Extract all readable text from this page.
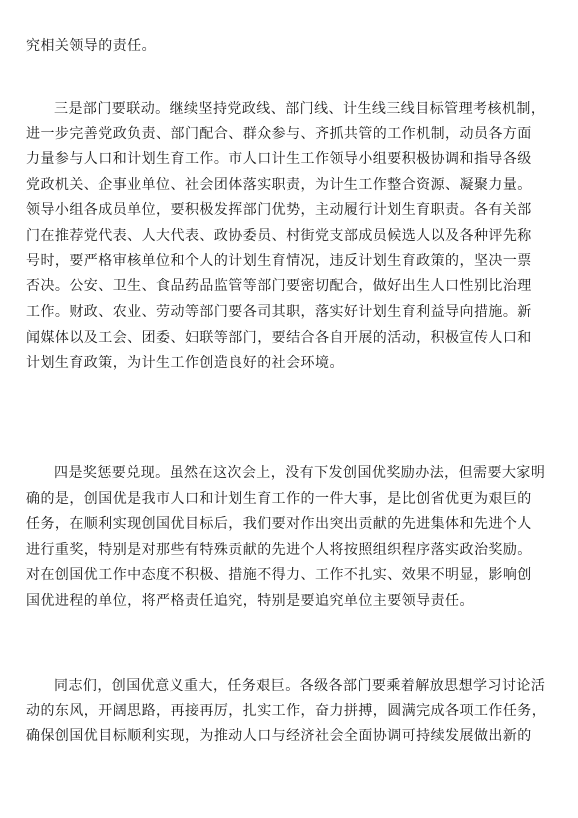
究相关领导的责任。
三是部门要联动。继续坚持党政线、部门线、计生线三线目标管理考核机制，
进一步完善党政负责、部门配合、群众参与、齐抓共管的工作机制，动员各方面
力量参与人口和计划生育工作。市人口计生工作领导小组要积极协调和指导各级
党政机关、企事业单位、社会团体落实职责，为计生工作整合资源、凝聚力量。
领导小组各成员单位，要积极发挥部门优势，主动履行计划生育职责。各有关部
门在推荐党代表、人大代表、政协委员、村街党支部成员候选人以及各种评先称
号时，要严格审核单位和个人的计划生育情况，违反计划生育政策的，坚决一票
否决。公安、卫生、食品药品监管等部门要密切配合，做好出生人口性别比治理
工作。财政、农业、劳动等部门要各司其职，落实好计划生育利益导向措施。新
闻媒体以及工会、团委、妇联等部门，要结合各自开展的活动，积极宣传人口和
计划生育政策，为计生工作创造良好的社会环境。
四是奖惩要兑现。虽然在这次会上，没有下发创国优奖励办法，但需要大家明
确的是，创国优是我市人口和计划生育工作的一件大事，是比创省优更为艰巨的
任务，在顺利实现创国优目标后，我们要对作出突出贡献的先进集体和先进个人
进行重奖，特别是对那些有特殊贡献的先进个人将按照组织程序落实政治奖励。
对在创国优工作中态度不积极、措施不得力、工作不扎实、效果不明显，影响创
国优进程的单位，将严格责任追究，特别是要追究单位主要领导责任。
同志们，创国优意义重大，任务艰巨。各级各部门要乘着解放思想学习讨论活
动的东风，开阔思路，再接再厉，扎实工作，奋力拼搏，圆满完成各项工作任务，
确保创国优目标顺利实现，为推动人口与经济社会全面协调可持续发展做出新的
